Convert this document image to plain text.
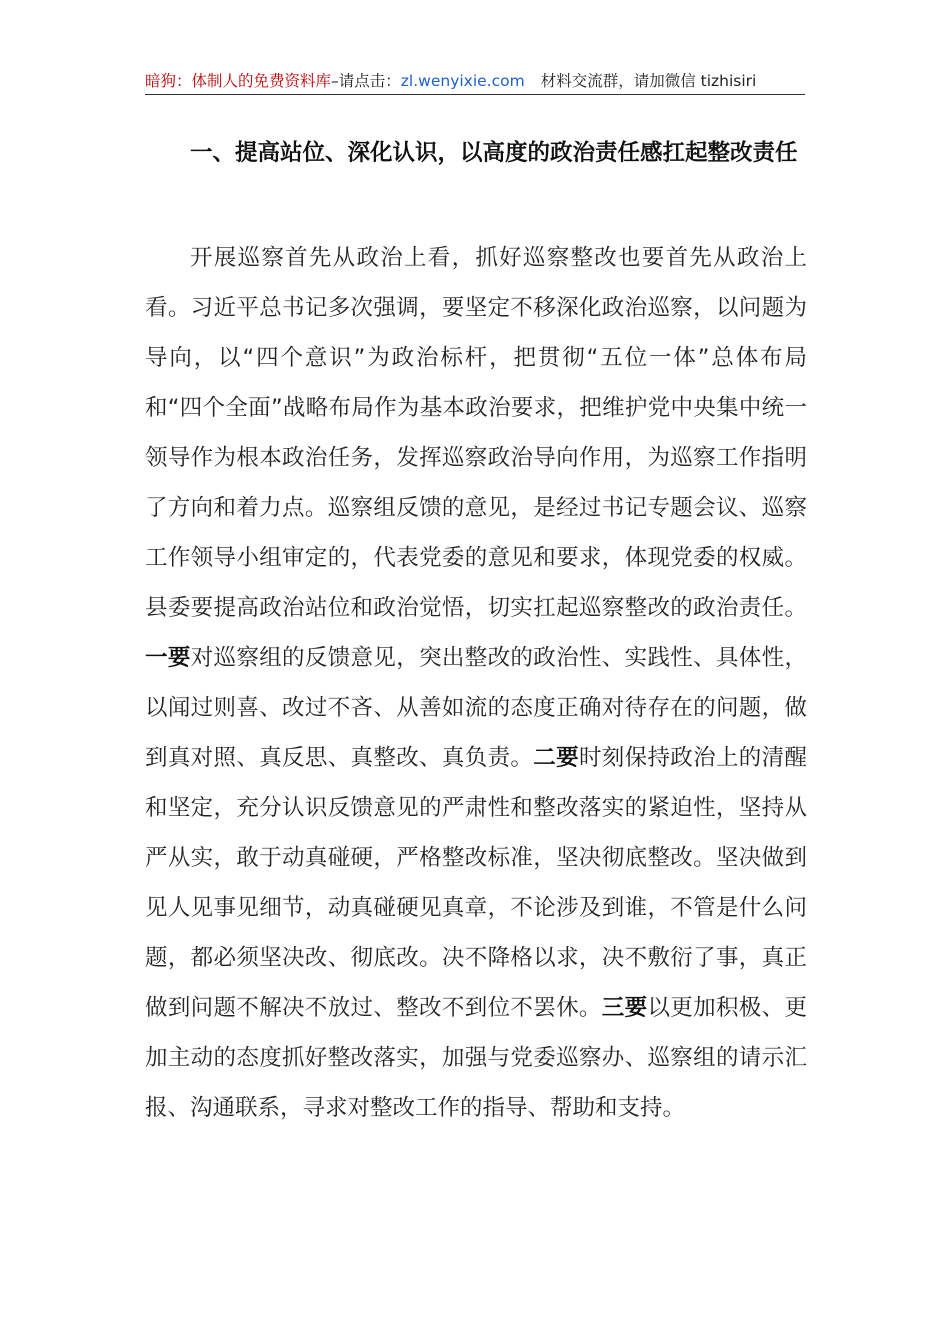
暗狗：体制人的免费资料库–请点击：zl.wenyixie.com 材料交流群，请加微信 tizhisiri
一、提高站位、深化认识，以高度的政治责任感扛起整改责任
开展巡察首先从政治上看，抓好巡察整改也要首先从政治上看。习近平总书记多次强调，要坚定不移深化政治巡察，以问题为导向，以“四个意识”为政治标杆，把贯彻“五位一体”总体布局和“四个全面”战略布局作为基本政治要求，把维护党中央集中统一领导作为根本政治任务，发挥巡察政治导向作用，为巡察工作指明了方向和着力点。巡察组反馈的意见，是经过书记专题会议、巡察工作领导小组审定的，代表党委的意见和要求，体现党委的权威。县委要提高政治站位和政治觉悟，切实扛起巡察整改的政治责任。一要对巡察组的反馈意见，突出整改的政治性、实践性、具体性，以闻过则喜、改过不吝、从善如流的态度正确对待存在的问题，做到真对照、真反思、真整改、真负责。二要时刻保持政治上的清醒和坚定，充分认识反馈意见的严肃性和整改落实的紧迫性，坚持从严从实，敢于动真碰硬，严格整改标准，坚决彻底整改。坚决做到见人见事见细节，动真碰硬见真章，不论涉及到谁，不管是什么问题，都必须坚决改、彻底改。决不降格以求，决不敷衍了事，真正做到问题不解决不放过、整改不到位不罢休。三要以更加积极、更加主动的态度抓好整改落实，加强与党委巡察办、巡察组的请示汇报、沟通联系，寻求对整改工作的指导、帮助和支持。
